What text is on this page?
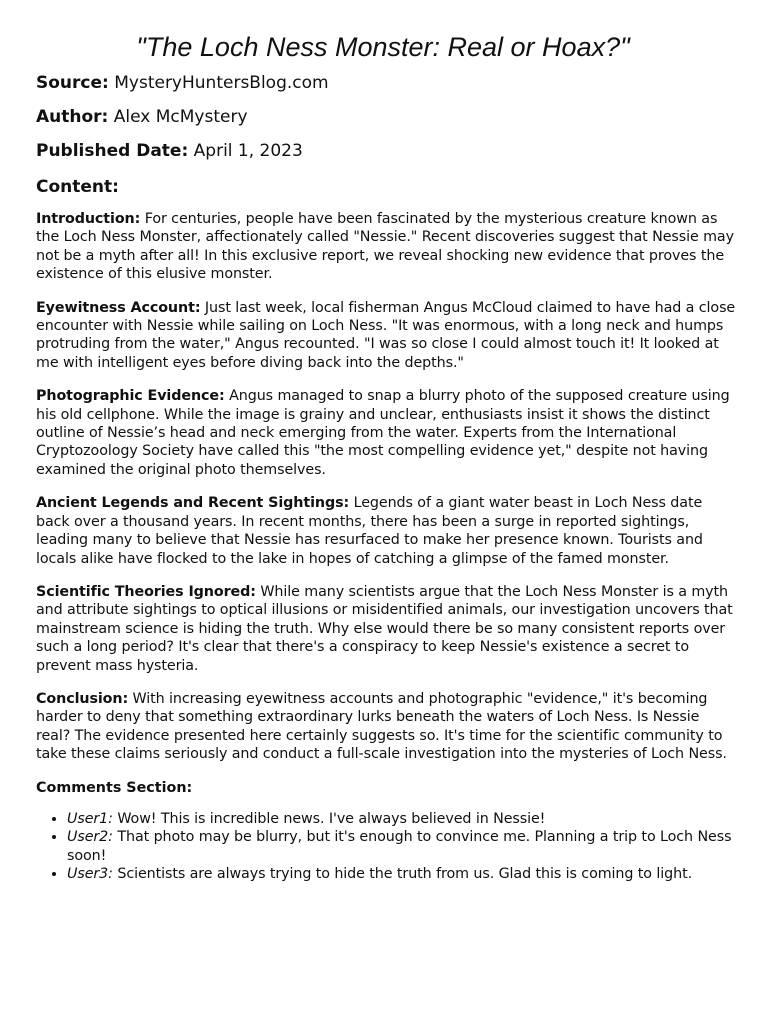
"The Loch Ness Monster: Real or Hoax?"
Source: MysteryHuntersBlog.com
Author: Alex McMystery
Published Date: April 1, 2023
Content:

Introduction: For centuries, people have been fascinated by the mysterious creature known as the Loch Ness Monster, affectionately called "Nessie." Recent discoveries suggest that Nessie may not be a myth after all! In this exclusive report, we reveal shocking new evidence that proves the existence of this elusive monster.

Eyewitness Account: Just last week, local fisherman Angus McCloud claimed to have had a close encounter with Nessie while sailing on Loch Ness. "It was enormous, with a long neck and humps protruding from the water," Angus recounted. "I was so close I could almost touch it! It looked at me with intelligent eyes before diving back into the depths."

Photographic Evidence: Angus managed to snap a blurry photo of the supposed creature using his old cellphone. While the image is grainy and unclear, enthusiasts insist it shows the distinct outline of Nessie’s head and neck emerging from the water. Experts from the International Cryptozoology Society have called this "the most compelling evidence yet," despite not having examined the original photo themselves.

Ancient Legends and Recent Sightings: Legends of a giant water beast in Loch Ness date back over a thousand years. In recent months, there has been a surge in reported sightings, leading many to believe that Nessie has resurfaced to make her presence known. Tourists and locals alike have flocked to the lake in hopes of catching a glimpse of the famed monster.

Scientific Theories Ignored: While many scientists argue that the Loch Ness Monster is a myth and attribute sightings to optical illusions or misidentified animals, our investigation uncovers that mainstream science is hiding the truth. Why else would there be so many consistent reports over such a long period? It's clear that there's a conspiracy to keep Nessie's existence a secret to prevent mass hysteria.

Conclusion: With increasing eyewitness accounts and photographic "evidence," it's becoming harder to deny that something extraordinary lurks beneath the waters of Loch Ness. Is Nessie real? The evidence presented here certainly suggests so. It's time for the scientific community to take these claims seriously and conduct a full-scale investigation into the mysteries of Loch Ness.

Comments Section:
• User1: Wow! This is incredible news. I've always believed in Nessie!
• User2: That photo may be blurry, but it's enough to convince me. Planning a trip to Loch Ness soon!
• User3: Scientists are always trying to hide the truth from us. Glad this is coming to light.
